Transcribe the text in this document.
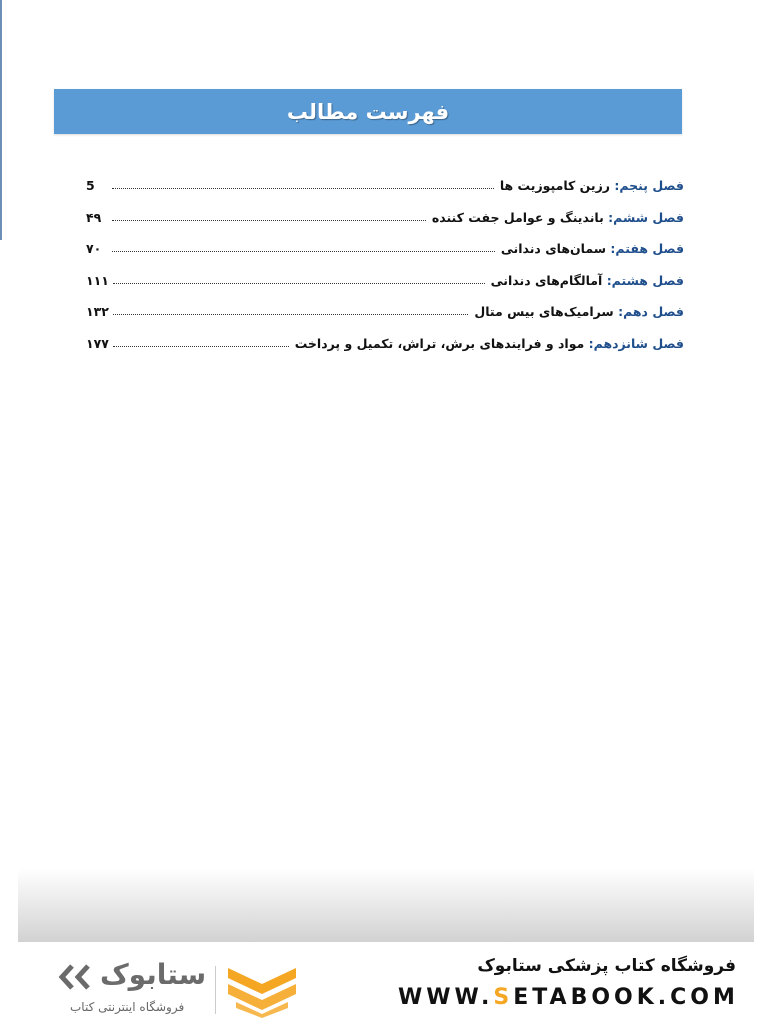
فهرست مطالب
فصل پنجم:

رزین کامپوزیت ها
5
فصل ششم:

باندینگ و عوامل جفت کننده
۴۹
فصل هفتم:

سمان‌های دندانی
۷۰
فصل هشتم:

آمالگام‌های دندانی
۱۱۱
فصل دهم:

سرامیک‌های بیس متال
۱۳۲
فصل شانزدهم:

مواد و فرایندهای برش، تراش، تکمیل و پرداخت
۱۷۷
فروشگاه کتاب پزشکی ستابوک
WWW.SETABOOK.COM
ستابوک
فروشگاه اینترنتی کتاب
